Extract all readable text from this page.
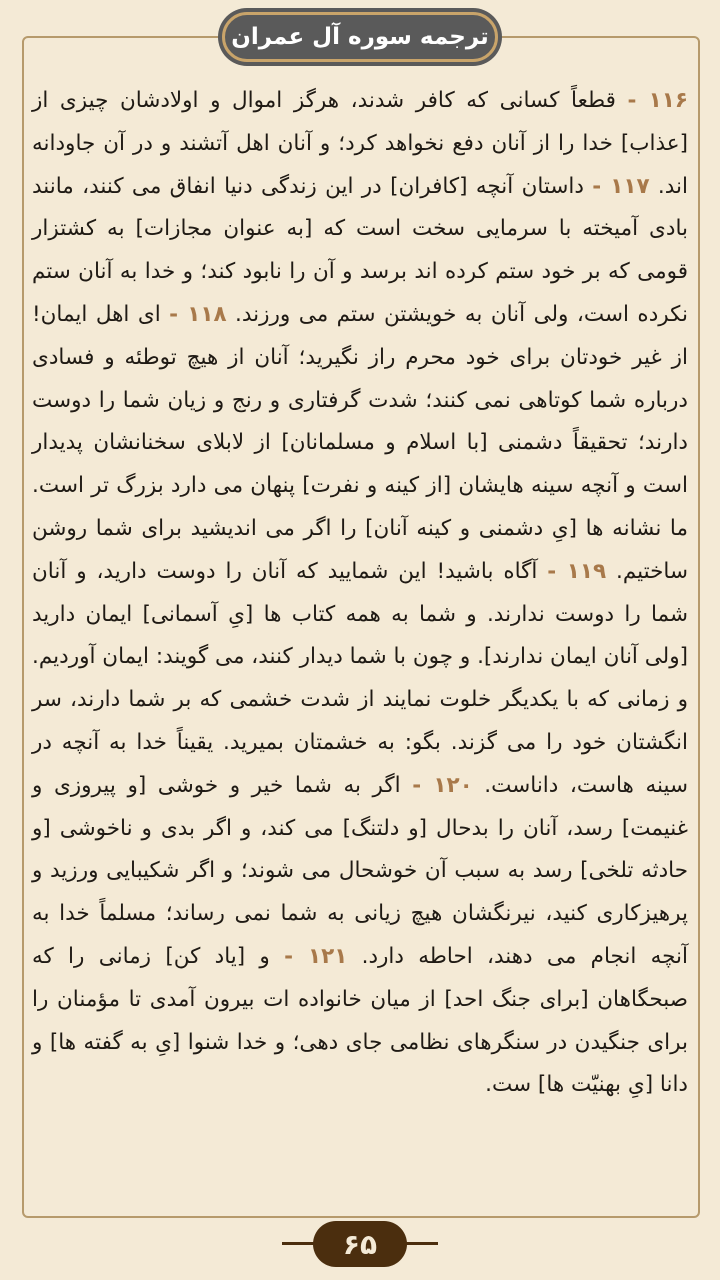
ترجمه سوره آل عمران
۱۱۶ - قطعاً كسانى كه كافر شدند، هرگز اموال و اولادشان چيزى از [عذاب] خدا را از آنان دفع نخواهد كرد؛ و آنان اهل آتشند و در آن جاودانه اند. ۱۱۷ - داستان آنچه [كافران] در اين زندگى دنيا انفاق مى كنند، مانند بادى آميخته با سرمايى سخت است كه [به عنوان مجازات] به كشتزار قومى كه بر خود ستم كرده اند برسد و آن را نابود كند؛ و خدا به آنان ستم نكرده است، ولى آنان به خويشتن ستم مى ورزند. ۱۱۸ - اى اهل ايمان! از غير خودتان براى خود محرم راز نگيريد؛ آنان از هيچ توطئه و فسادى درباره شما كوتاهى نمى كنند؛ شدت گرفتارى و رنج و زيان شما را دوست دارند؛ تحقيقاً دشمنى [با اسلام و مسلمانان] از لابلاى سخنانشان پديدار است و آنچه سينه هايشان [از كينه و نفرت] پنهان مى دارد بزرگ تر است. ما نشانه ها [ىِ دشمنى و كينه آنان] را اگر مى انديشيد براى شما روشن ساختيم. ۱۱۹ - آگاه باشيد! اين شماييد كه آنان را دوست داريد، و آنان شما را دوست ندارند. و شما به همه كتاب ها [ىِ آسمانى] ايمان داريد [ولى آنان ايمان ندارند]. و چون با شما ديدار كنند، مى گويند: ايمان آورديم. و زمانى كه با يكديگر خلوت نمايند از شدت خشمى كه بر شما دارند، سر انگشتان خود را مى گزند. بگو: به خشمتان بميريد. يقيناً خدا به آنچه در سينه هاست، داناست. ۱۲۰ - اگر به شما خير و خوشى [و پيروزى و غنيمت] رسد، آنان را بدحال [و دلتنگ] مى كند، و اگر بدى و ناخوشى [و حادثه تلخى] رسد به سبب آن خوشحال مى شوند؛ و اگر شكيبايى ورزيد و پرهيزكارى كنيد، نيرنگشان هيچ زيانى به شما نمى رساند؛ مسلماً خدا به آنچه انجام مى دهند، احاطه دارد. ۱۲۱ - و [ياد كن] زمانى را كه صبحگاهان [براى جنگ احد] از ميان خانواده ات بيرون آمدى تا مؤمنان را براى جنگيدن در سنگرهاى نظامى جاى دهى؛ و خدا شنوا [ىِ به گفته ها] و دانا [ىِ بهنيّت ها] ست.
۶۵
